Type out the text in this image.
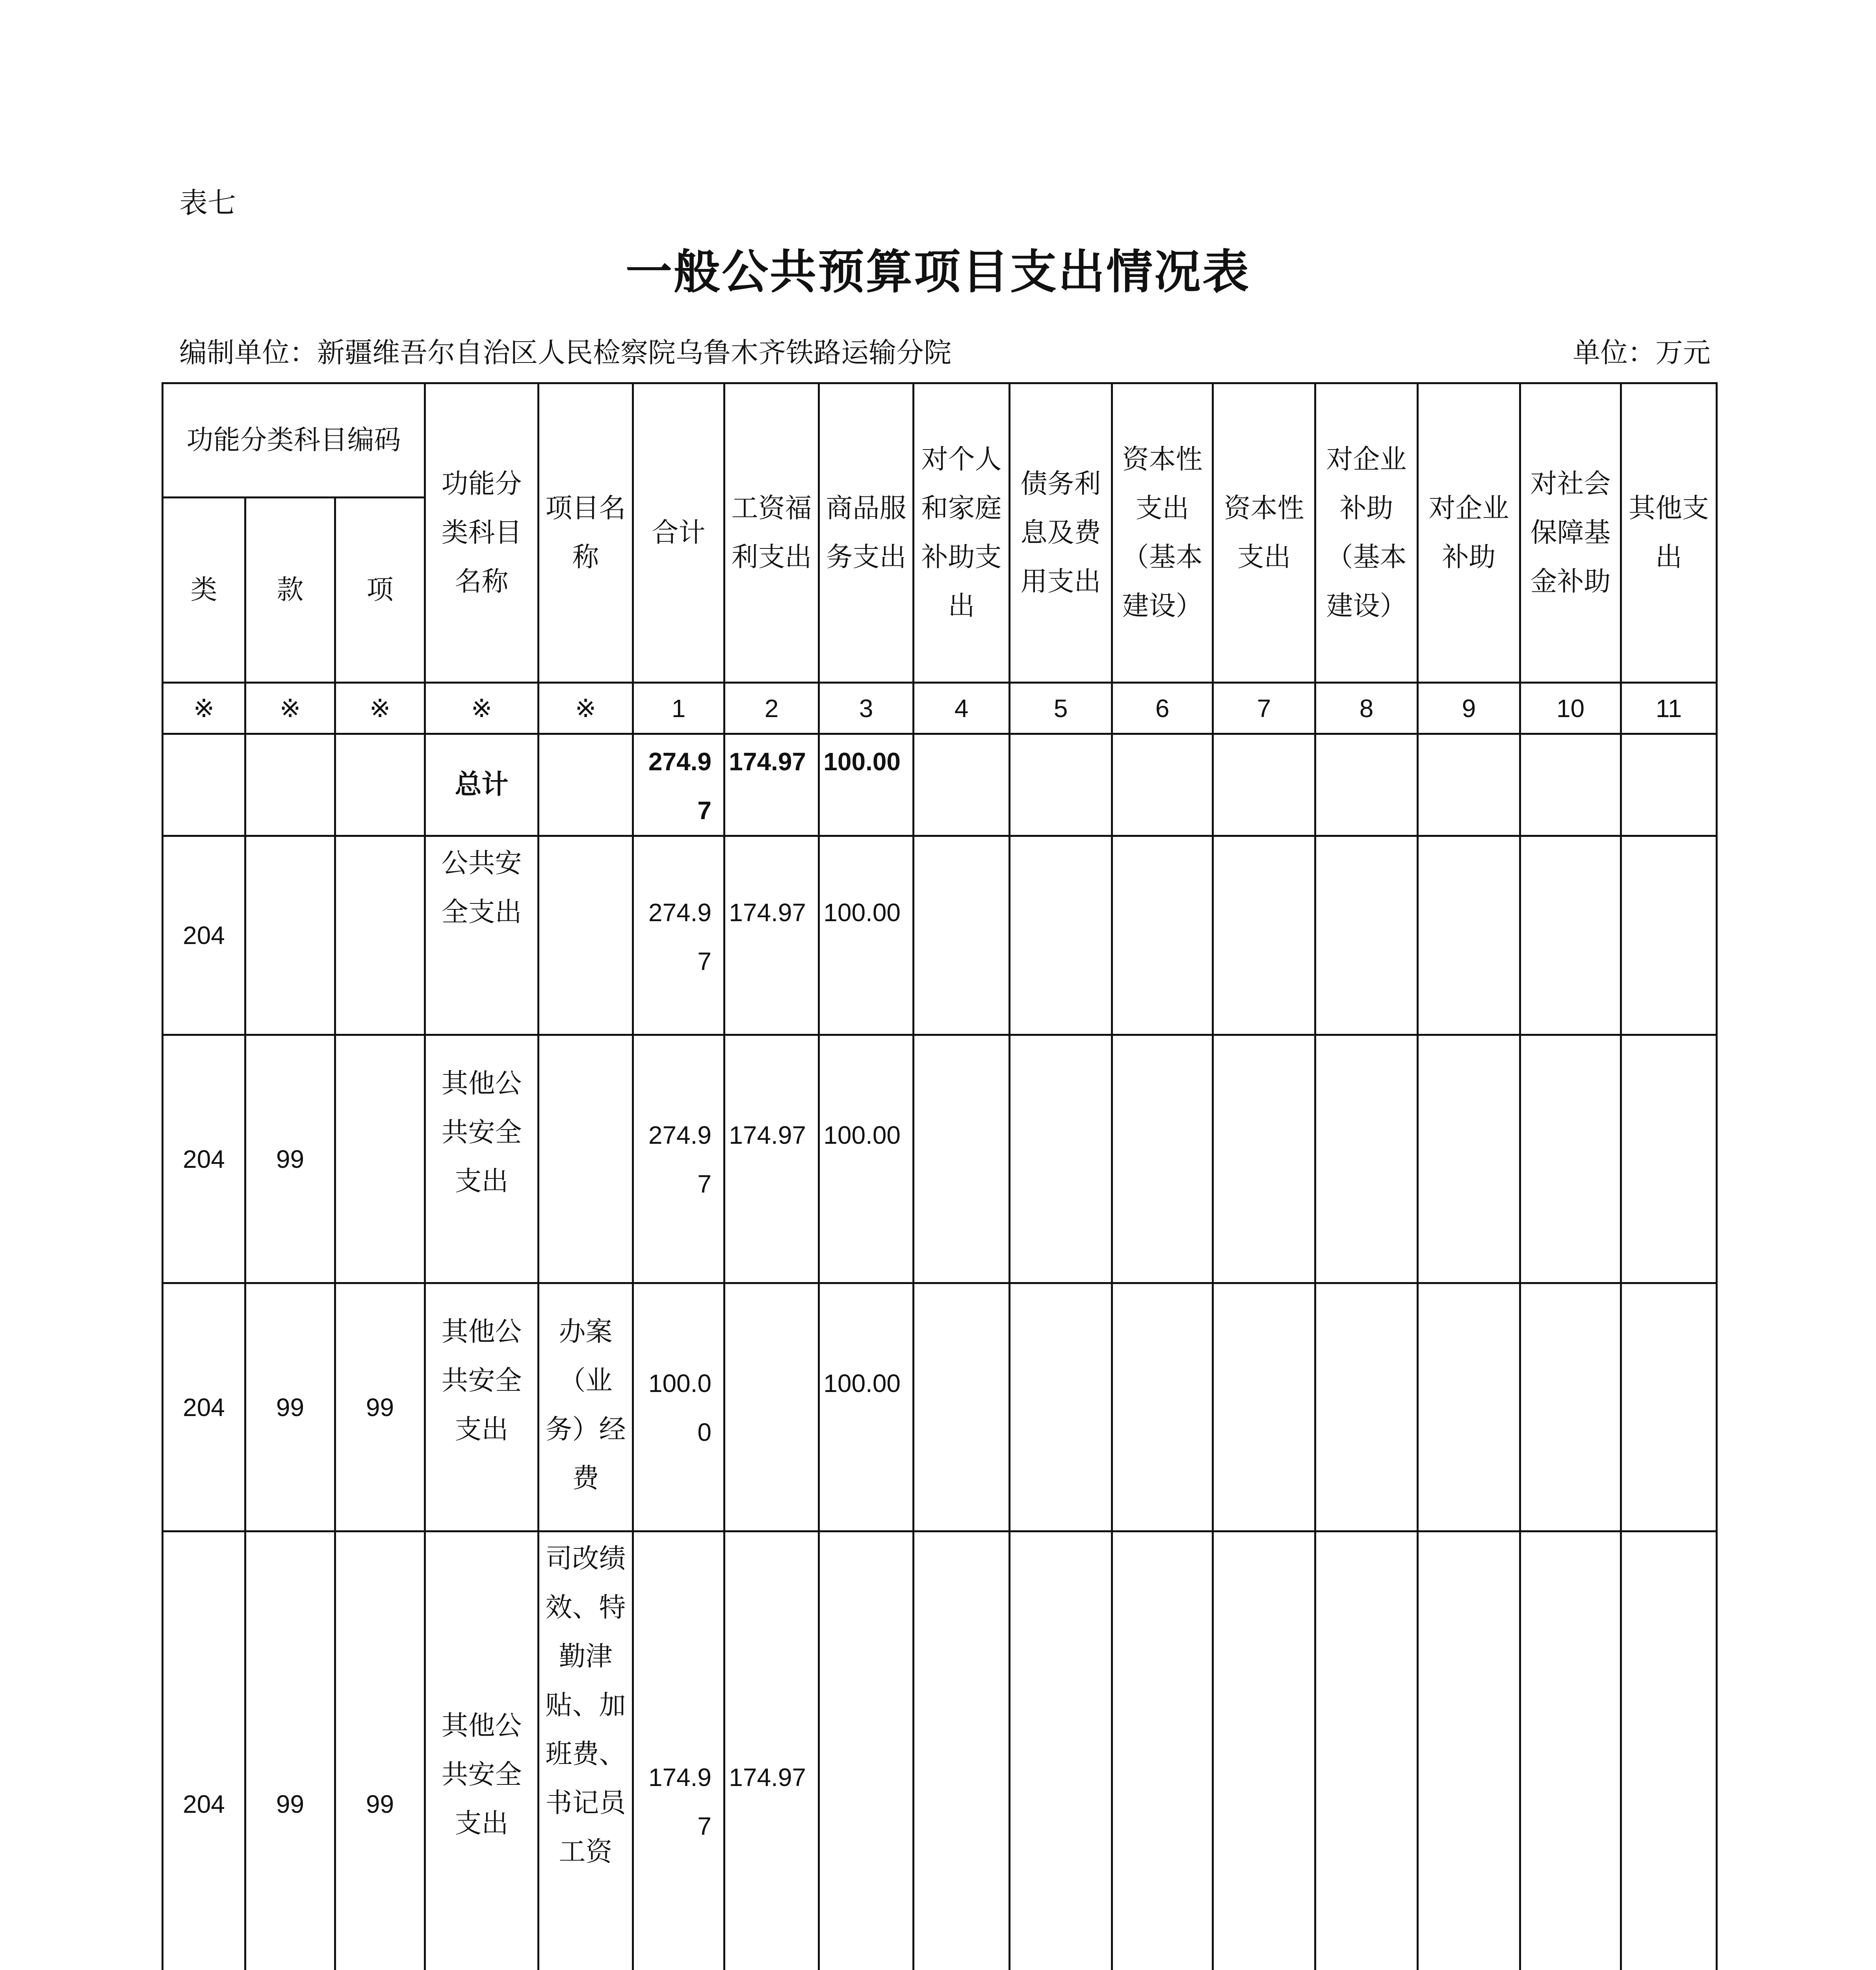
表七
一般公共预算项目支出情况表
编制单位：新疆维吾尔自治区人民检察院乌鲁木齐铁路运输分院	单位：万元
功能分类科目编码			功能分类科目名称	项目名称	合计	工资福利支出	商品服务支出	对个人和家庭补助支出	债务利息及费用支出	资本性支出（基本建设）	资本性支出	对企业补助（基本建设）	对企业补助	对社会保障基金补助	其他支出
类	款	项													
※	※	※	※	※	1	2	3	4	5	6	7	8	9	10	11
			总计		274.97	174.97	100.00								
204			公共安全支出		274.97	174.97	100.00								
204	99		其他公共安全支出		274.97	174.97	100.00								
204	99	99	其他公共安全支出	办案（业务）经费	100.00		100.00								
204	99	99	其他公共安全支出	司改绩效、特勤津贴、加班费、书记员工资	174.97	174.97									
